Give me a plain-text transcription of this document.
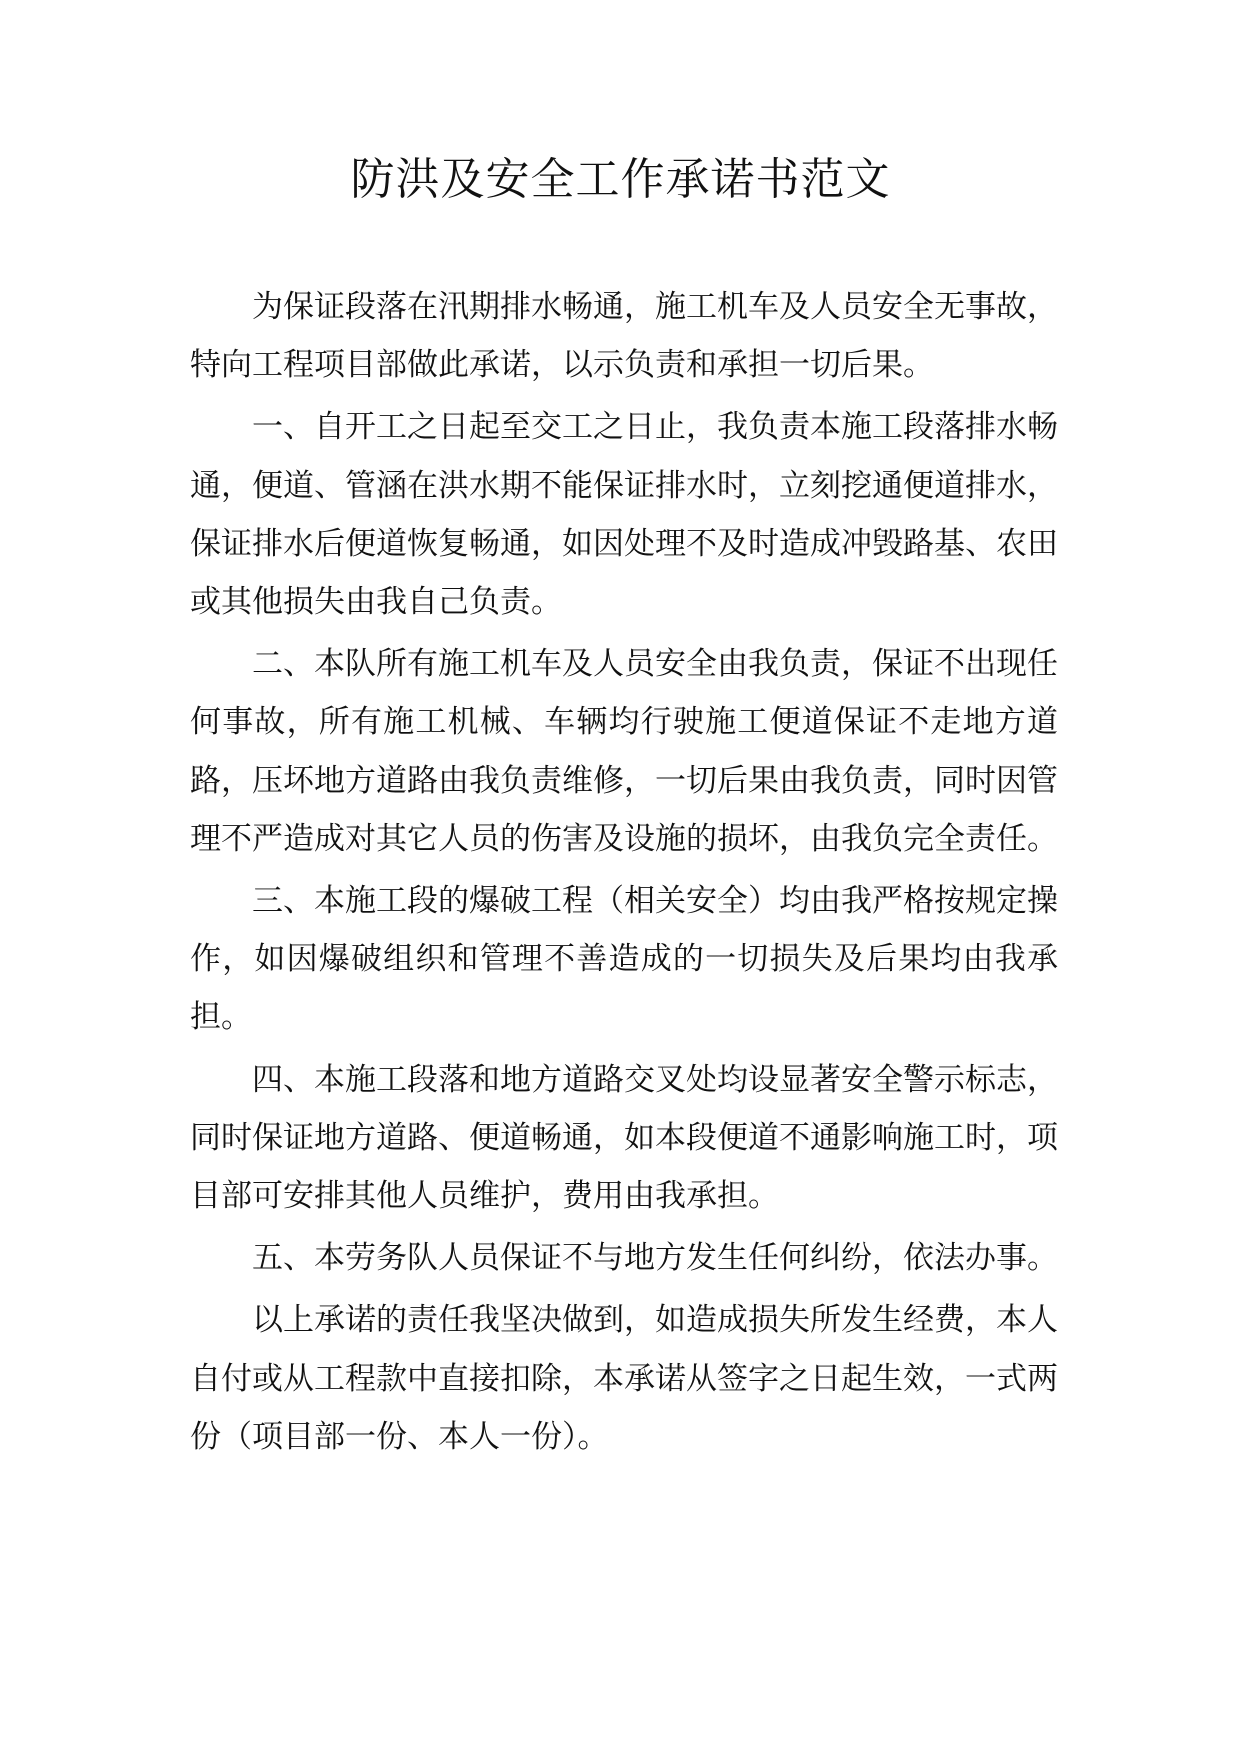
防洪及安全工作承诺书范文

为保证段落在汛期排水畅通，施工机车及人员安全无事故，特向工程项目部做此承诺，以示负责和承担一切后果。

一、自开工之日起至交工之日止，我负责本施工段落排水畅通，便道、管涵在洪水期不能保证排水时，立刻挖通便道排水，保证排水后便道恢复畅通，如因处理不及时造成冲毁路基、农田或其他损失由我自己负责。

二、本队所有施工机车及人员安全由我负责，保证不出现任何事故，所有施工机械、车辆均行驶施工便道保证不走地方道路，压坏地方道路由我负责维修，一切后果由我负责，同时因管理不严造成对其它人员的伤害及设施的损坏，由我负完全责任。

三、本施工段的爆破工程（相关安全）均由我严格按规定操作，如因爆破组织和管理不善造成的一切损失及后果均由我承担。

四、本施工段落和地方道路交叉处均设显著安全警示标志，同时保证地方道路、便道畅通，如本段便道不通影响施工时，项目部可安排其他人员维护，费用由我承担。

五、本劳务队人员保证不与地方发生任何纠纷，依法办事。

以上承诺的责任我坚决做到，如造成损失所发生经费，本人自付或从工程款中直接扣除，本承诺从签字之日起生效，一式两份（项目部一份、本人一份）。
